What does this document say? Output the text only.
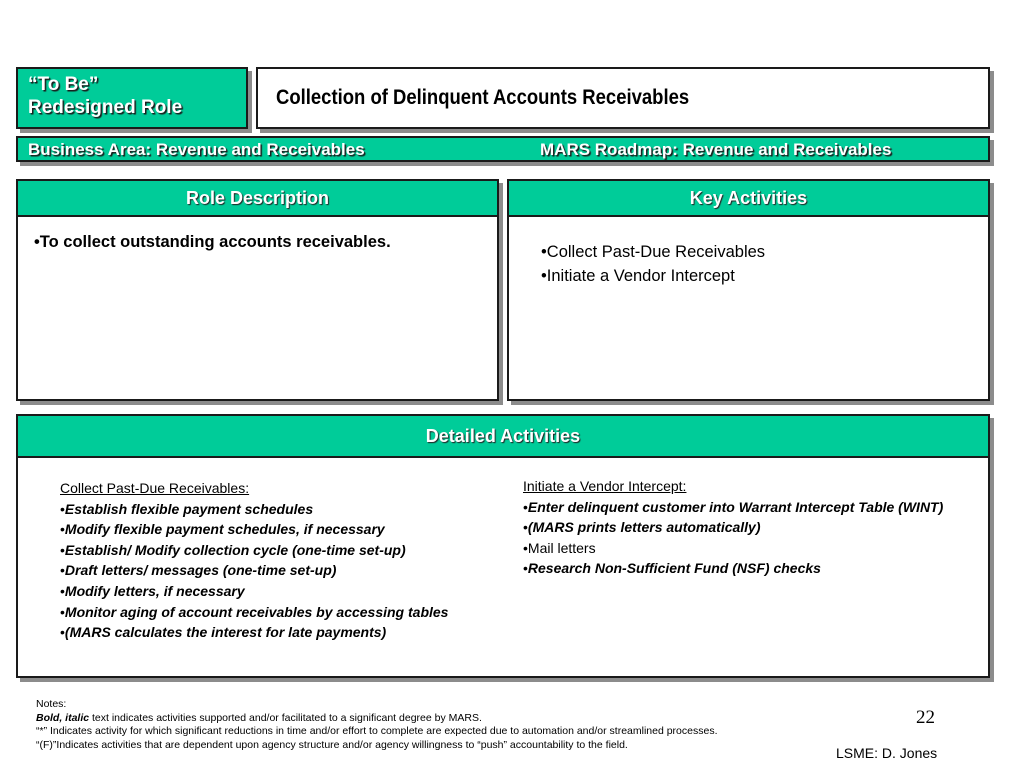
“To Be”
Redesigned Role	Collection of Delinquent Accounts Receivables
Business Area: Revenue and Receivables	MARS Roadmap: Revenue and Receivables
Role Description
•To collect outstanding accounts receivables.
Key Activities
•Collect Past-Due Receivables
•Initiate a Vendor Intercept
Detailed Activities
Collect Past-Due Receivables:
•Establish flexible payment schedules
•Modify flexible payment schedules, if necessary
•Establish/ Modify collection cycle (one-time set-up)
•Draft letters/ messages (one-time set-up)
•Modify letters, if necessary
•Monitor aging of account receivables by accessing tables
•(MARS calculates the interest for late payments)
Initiate a Vendor Intercept:
•Enter delinquent customer into Warrant Intercept Table (WINT)
•(MARS prints letters automatically)
•Mail letters
•Research Non-Sufficient Fund (NSF) checks
Notes:
Bold, italic text indicates activities supported and/or facilitated to a significant degree by MARS.
“*” Indicates activity for which significant reductions in time and/or effort to complete are expected due to automation and/or streamlined processes.
“(F)”Indicates activities that are dependent upon agency structure and/or agency willingness to “push” accountability to the field.
22
LSME: D. Jones
